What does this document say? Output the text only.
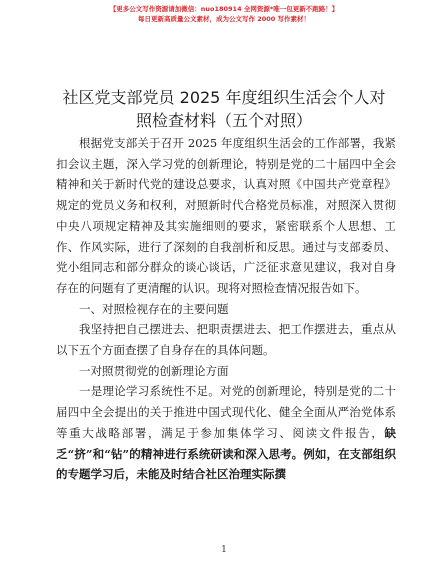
【更多公文写作资源请加微信：nuo180914 全网资源*唯一包更新不跑路！】
每日更新高质量公文素材，成为公文写作 2000 写作素材！
社区党支部党员 2025 年度组织生活会个人对照检查材料（五个对照）

根据党支部关于召开 2025 年度组织生活会的工作部署，我紧扣会议主题，深入学习党的创新理论，特别是党的二十届四中全会精神和关于新时代党的建设总要求，认真对照《中国共产党章程》规定的党员义务和权利，对照新时代合格党员标准，对照深入贯彻中央八项规定精神及其实施细则的要求，紧密联系个人思想、工作、作风实际，进行了深刻的自我剖析和反思。通过与支部委员、党小组同志和部分群众的谈心谈话，广泛征求意见建议，我对自身存在的问题有了更清醒的认识。现将对照检查情况报告如下。

一、对照检视存在的主要问题

我坚持把自己摆进去、把职责摆进去、把工作摆进去，重点从以下五个方面查摆了自身存在的具体问题。

一对照贯彻党的创新理论方面

一是理论学习系统性不足。对党的创新理论，特别是党的二十届四中全会提出的关于推进中国式现代化、健全全面从严治党体系等重大战略部署，满足于参加集体学习、阅读文件报告，缺乏“挤”和“钻”的精神进行系统研读和深入思考。例如，在支部组织的专题学习后，未能及时结合社区治理实际撰

1
